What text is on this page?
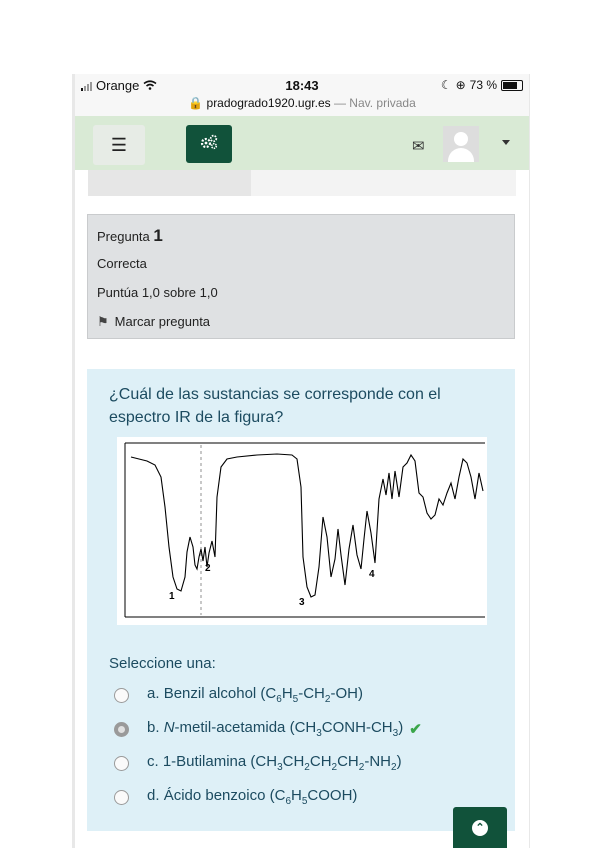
Orange	18:43	☾ ⊕ 73 %
🔒 pradogrado1920.ugr.es — Nav. privada
☰	✉
Pregunta 1
Correcta
Puntúa 1,0 sobre 1,0
⚑ Marcar pregunta
¿Cuál de las sustancias se corresponde con el espectro IR de la figura?
1
2
3
4
Seleccione una:
a. Benzil alcohol $(C_6H_5-CH_2-OH)$
b. N-metil-acetamida $(CH_3CONH-CH_3)$ ✔
c. 1-Butilamina $(CH_3CH_2CH_2CH_2-NH_2)$
d. Ácido benzoico $(C_6H_5COOH)$
⌃
